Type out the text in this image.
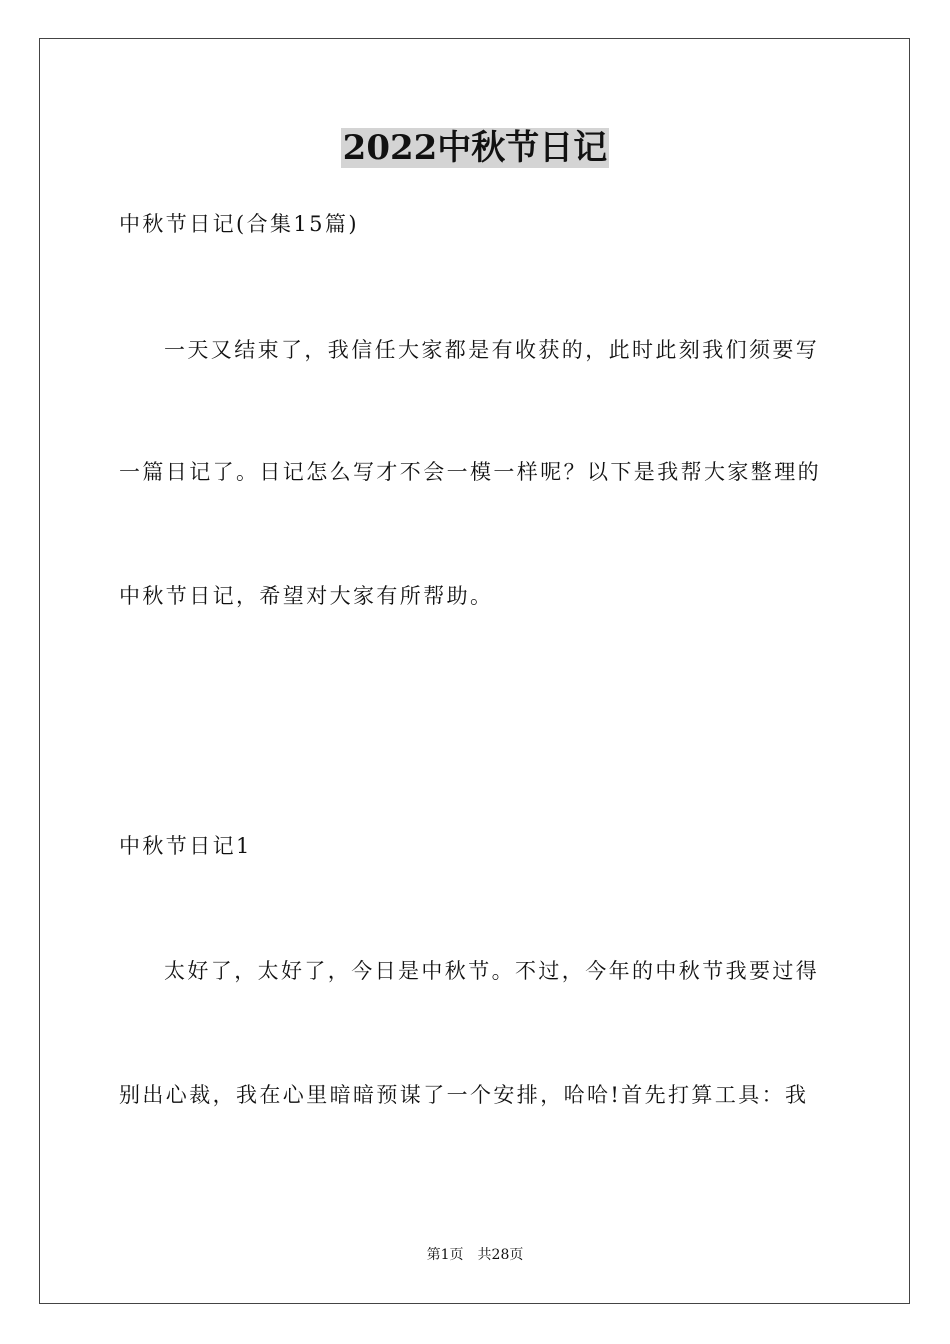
2022中秋节日记
中秋节日记(合集15篇)
一天又结束了，我信任大家都是有收获的，此时此刻我们须要写
一篇日记了。日记怎么写才不会一模一样呢？以下是我帮大家整理的
中秋节日记，希望对大家有所帮助。
中秋节日记1
太好了，太好了，今日是中秋节。不过，今年的中秋节我要过得
别出心裁，我在心里暗暗预谋了一个安排，哈哈!首先打算工具：我
第1页 共28页
